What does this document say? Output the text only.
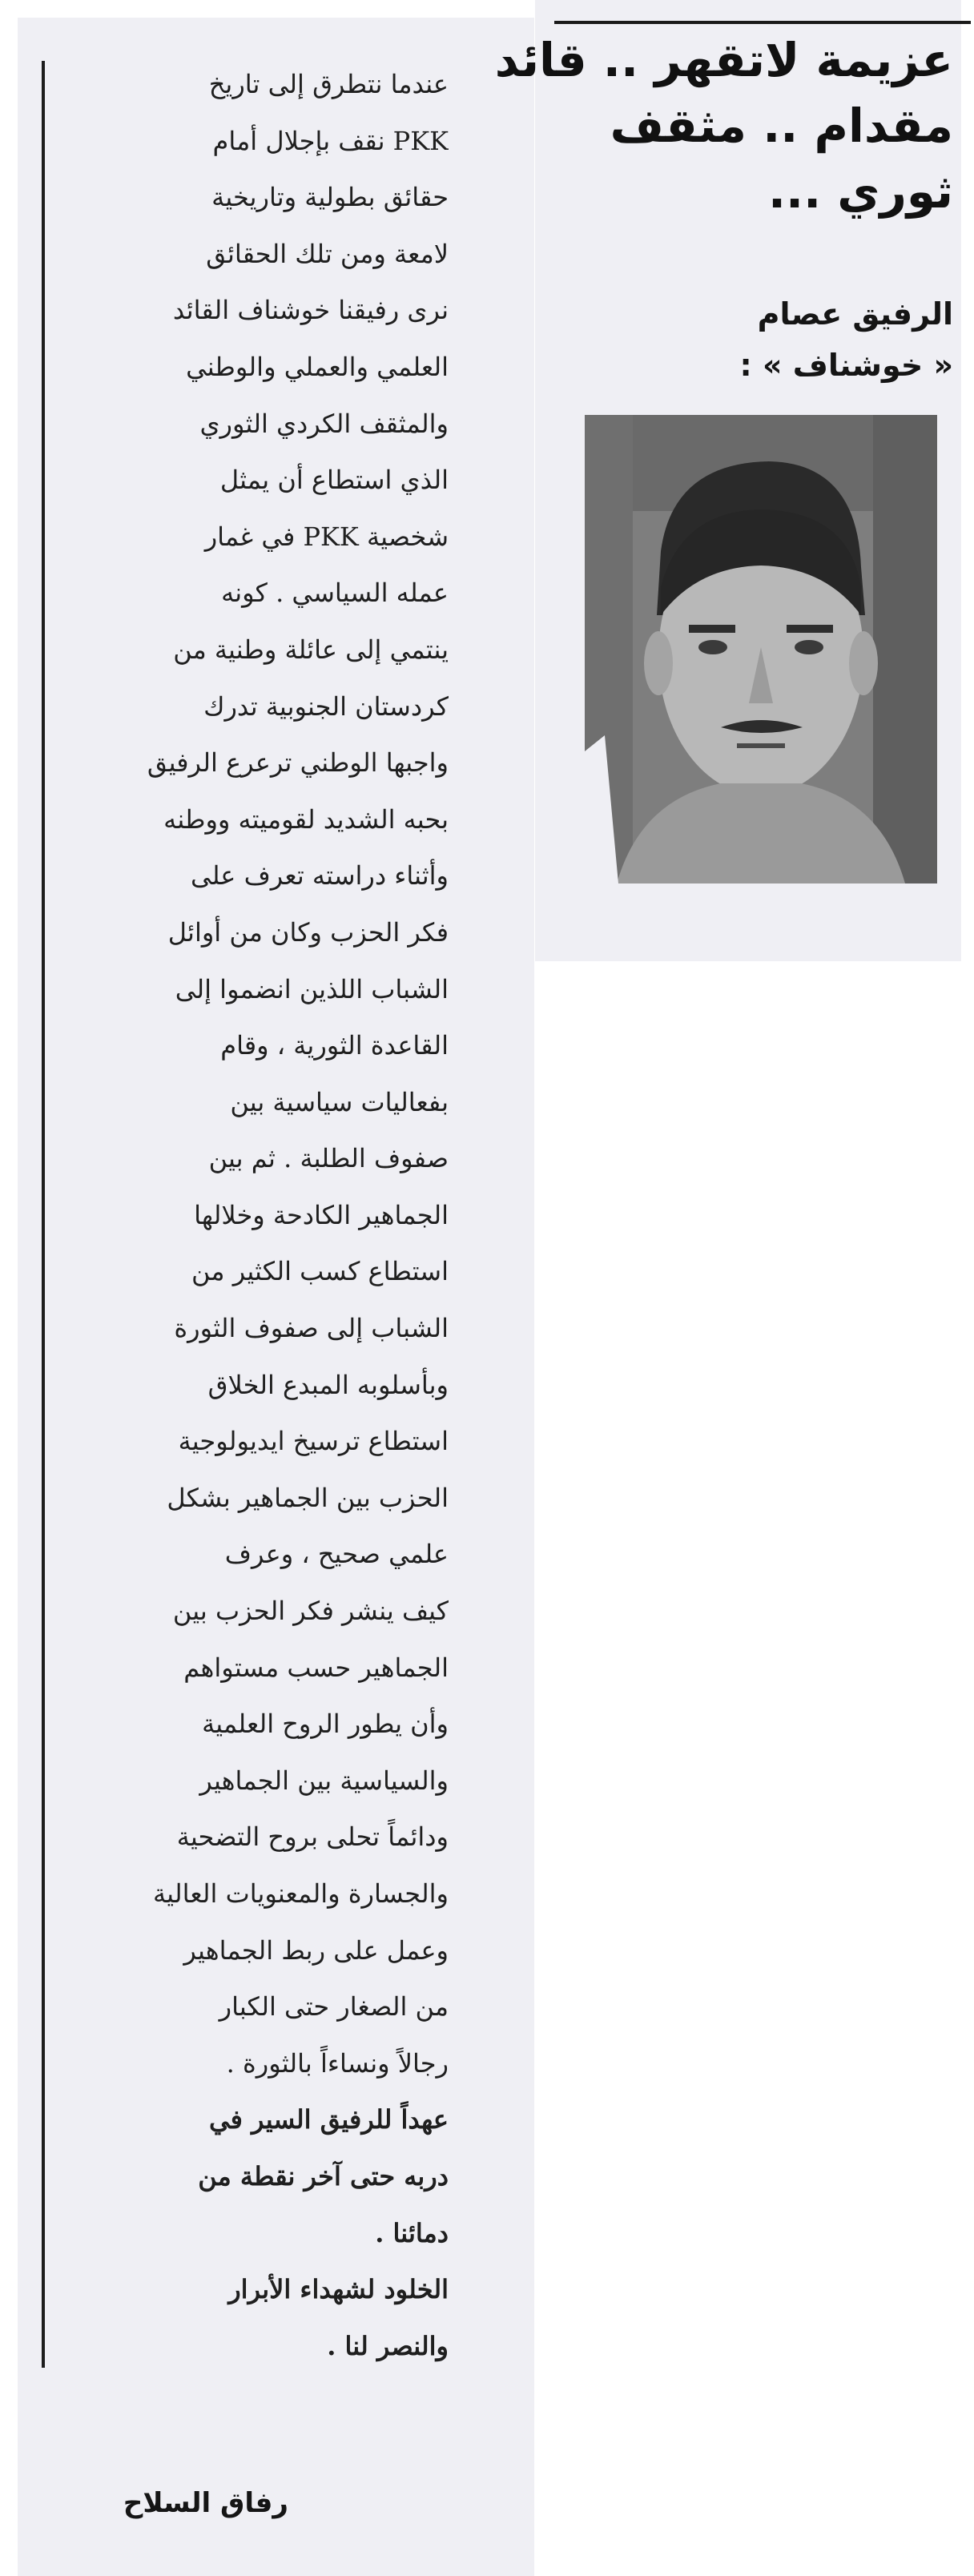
عزيمة لاتقهر .. قائد
مقدام .. مثقف
ثوري ...
الرفيق عصام
« خوشناف » :
عندما نتطرق إلى تاريخ
PKK نقف بإجلال أمام
حقائق بطولية وتاريخية
لامعة ومن تلك الحقائق
نرى رفيقنا خوشناف القائد
العلمي والعملي والوطني
والمثقف الكردي الثوري
الذي استطاع أن يمثل
شخصية PKK في غمار
عمله السياسي . كونه
ينتمي إلى عائلة وطنية من
كردستان الجنوبية تدرك
واجبها الوطني ترعرع الرفيق
بحبه الشديد لقوميته ووطنه
وأثناء دراسته تعرف على
فكر الحزب وكان من أوائل
الشباب اللذين انضموا إلى
القاعدة الثورية ، وقام
بفعاليات سياسية بين
صفوف الطلبة . ثم بين
الجماهير الكادحة وخلالها
استطاع كسب الكثير من
الشباب إلى صفوف الثورة
وبأسلوبه المبدع الخلاق
استطاع ترسيخ ايديولوجية
الحزب بين الجماهير بشكل
علمي صحيح ، وعرف
كيف ينشر فكر الحزب بين
الجماهير حسب مستواهم
وأن يطور الروح العلمية
والسياسية بين الجماهير
ودائماً تحلى بروح التضحية
والجسارة والمعنويات العالية
وعمل على ربط الجماهير
من الصغار حتى الكبار
رجالاً ونساءاً بالثورة .
عهداً للرفيق السير في
دربه حتى آخر نقطة من
دمائنا .
الخلود لشهداء الأبرار
والنصر لنا .
رفاق السلاح
